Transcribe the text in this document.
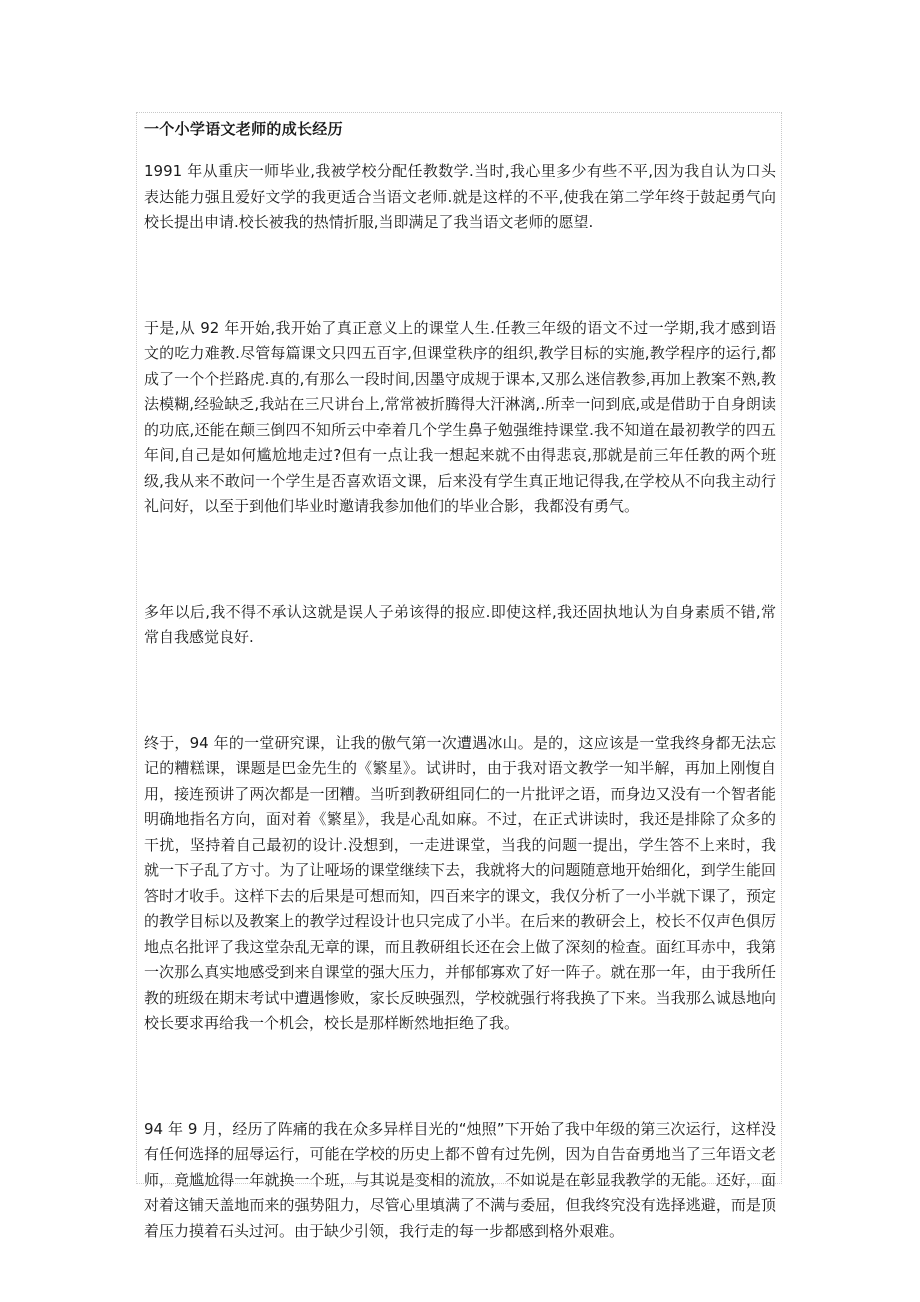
一个小学语文老师的成长经历

1991 年从重庆一师毕业,我被学校分配任教数学.当时,我心里多少有些不平,因为我自认为口头表达能力强且爱好文学的我更适合当语文老师.就是这样的不平,使我在第二学年终于鼓起勇气向校长提出申请.校长被我的热情折服,当即满足了我当语文老师的愿望.

于是,从 92 年开始,我开始了真正意义上的课堂人生.任教三年级的语文不过一学期,我才感到语文的吃力难教.尽管每篇课文只四五百字,但课堂秩序的组织,教学目标的实施,教学程序的运行,都成了一个个拦路虎.真的,有那么一段时间,因墨守成规于课本,又那么迷信教参,再加上教案不熟,教法模糊,经验缺乏,我站在三尺讲台上,常常被折腾得大汗淋漓,.所幸一问到底,或是借助于自身朗读的功底,还能在颠三倒四不知所云中牵着几个学生鼻子勉强维持课堂.我不知道在最初教学的四五年间,自己是如何尴尬地走过?但有一点让我一想起来就不由得悲哀,那就是前三年任教的两个班级,我从来不敢问一个学生是否喜欢语文课，后来没有学生真正地记得我,在学校从不向我主动行礼问好，以至于到他们毕业时邀请我参加他们的毕业合影，我都没有勇气。

多年以后,我不得不承认这就是误人子弟该得的报应.即使这样,我还固执地认为自身素质不错,常常自我感觉良好.

终于，94 年的一堂研究课，让我的傲气第一次遭遇冰山。是的，这应该是一堂我终身都无法忘记的糟糕课，课题是巴金先生的《繁星》。试讲时，由于我对语文教学一知半解，再加上刚愎自用，接连预讲了两次都是一团糟。当听到教研组同仁的一片批评之语，而身边又没有一个智者能明确地指名方向，面对着《繁星》，我是心乱如麻。不过，在正式讲读时，我还是排除了众多的干扰，坚持着自己最初的设计.没想到，一走进课堂，当我的问题一提出，学生答不上来时，我就一下子乱了方寸。为了让哑场的课堂继续下去，我就将大的问题随意地开始细化，到学生能回答时才收手。这样下去的后果是可想而知，四百来字的课文，我仅分析了一小半就下课了，预定的教学目标以及教案上的教学过程设计也只完成了小半。在后来的教研会上，校长不仅声色俱厉地点名批评了我这堂杂乱无章的课，而且教研组长还在会上做了深刻的检查。面红耳赤中，我第一次那么真实地感受到来自课堂的强大压力，并郁郁寡欢了好一阵子。就在那一年，由于我所任教的班级在期末考试中遭遇惨败，家长反映强烈，学校就强行将我换了下来。当我那么诚恳地向校长要求再给我一个机会，校长是那样断然地拒绝了我。

94 年 9 月，经历了阵痛的我在众多异样目光的“烛照”下开始了我中年级的第三次运行，这样没有任何选择的屈辱运行，可能在学校的历史上都不曾有过先例，因为自告奋勇地当了三年语文老师，竟尴尬得一年就换一个班，与其说是变相的流放，不如说是在彰显我教学的无能。还好，面对着这铺天盖地而来的强势阻力，尽管心里填满了不满与委屈，但我终究没有选择逃避，而是顶着压力摸着石头过河。由于缺少引领，我行走的每一步都感到格外艰难。
